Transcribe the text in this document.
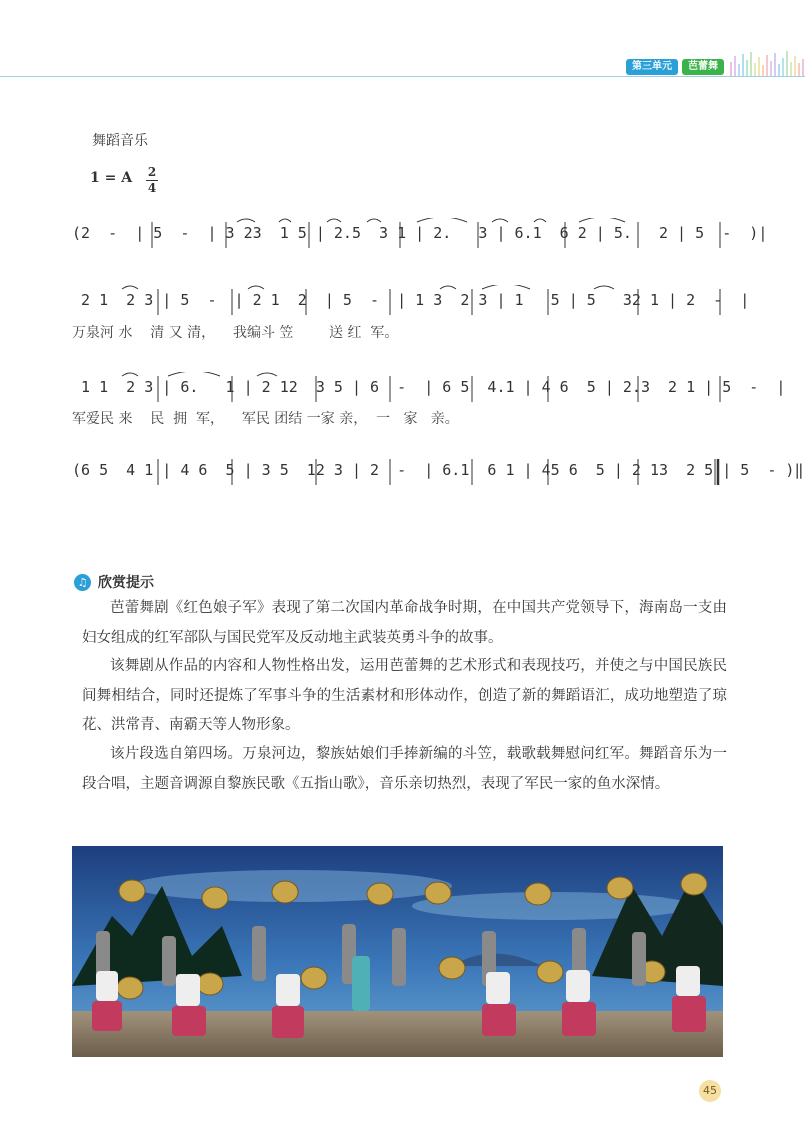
第三单元	芭蕾舞
舞蹈音乐
1 = A 2
4
(2  -  | 5  -  | 3 23  1 5 | 2.5  3 1 | 2.   3 | 6.1  6 2 | 5.   2 | 5  -  )|
2 1  2 3 | 5  -  | 2 1  2  | 5  -  | 1 3  2 3 | 1   5 | 5   32 1 | 2  -  |
万泉河 水    清 又 清，    我编斗 笠        送 红  军。
1 1  2 3 | 6.   1 | 2 12  3 5 | 6  -  | 6 5  4.1 | 4 6  5 | 2.3  2 1 | 5  -  |
军爱民 来    民  拥  军，    军民 团结 一家 亲，  一   家   亲。
(6 5  4 1 | 4 6  5 | 3 5  12 3 | 2  -  | 6.1  6 1 | 45 6  5 | 2 13  2 5 | 5  - )‖
♫ 欣赏提示
芭蕾舞剧《红色娘子军》表现了第二次国内革命战争时期，在中国共产党领导下，海南岛一支由妇女组成的红军部队与国民党军及反动地主武装英勇斗争的故事。
该舞剧从作品的内容和人物性格出发，运用芭蕾舞的艺术形式和表现技巧，并使之与中国民族民间舞相结合，同时还提炼了军事斗争的生活素材和形体动作，创造了新的舞蹈语汇，成功地塑造了琼花、洪常青、南霸天等人物形象。
该片段选自第四场。万泉河边，黎族姑娘们手捧新编的斗笠，载歌载舞慰问红军。舞蹈音乐为一段合唱，主题音调源自黎族民歌《五指山歌》，音乐亲切热烈，表现了军民一家的鱼水深情。
45
